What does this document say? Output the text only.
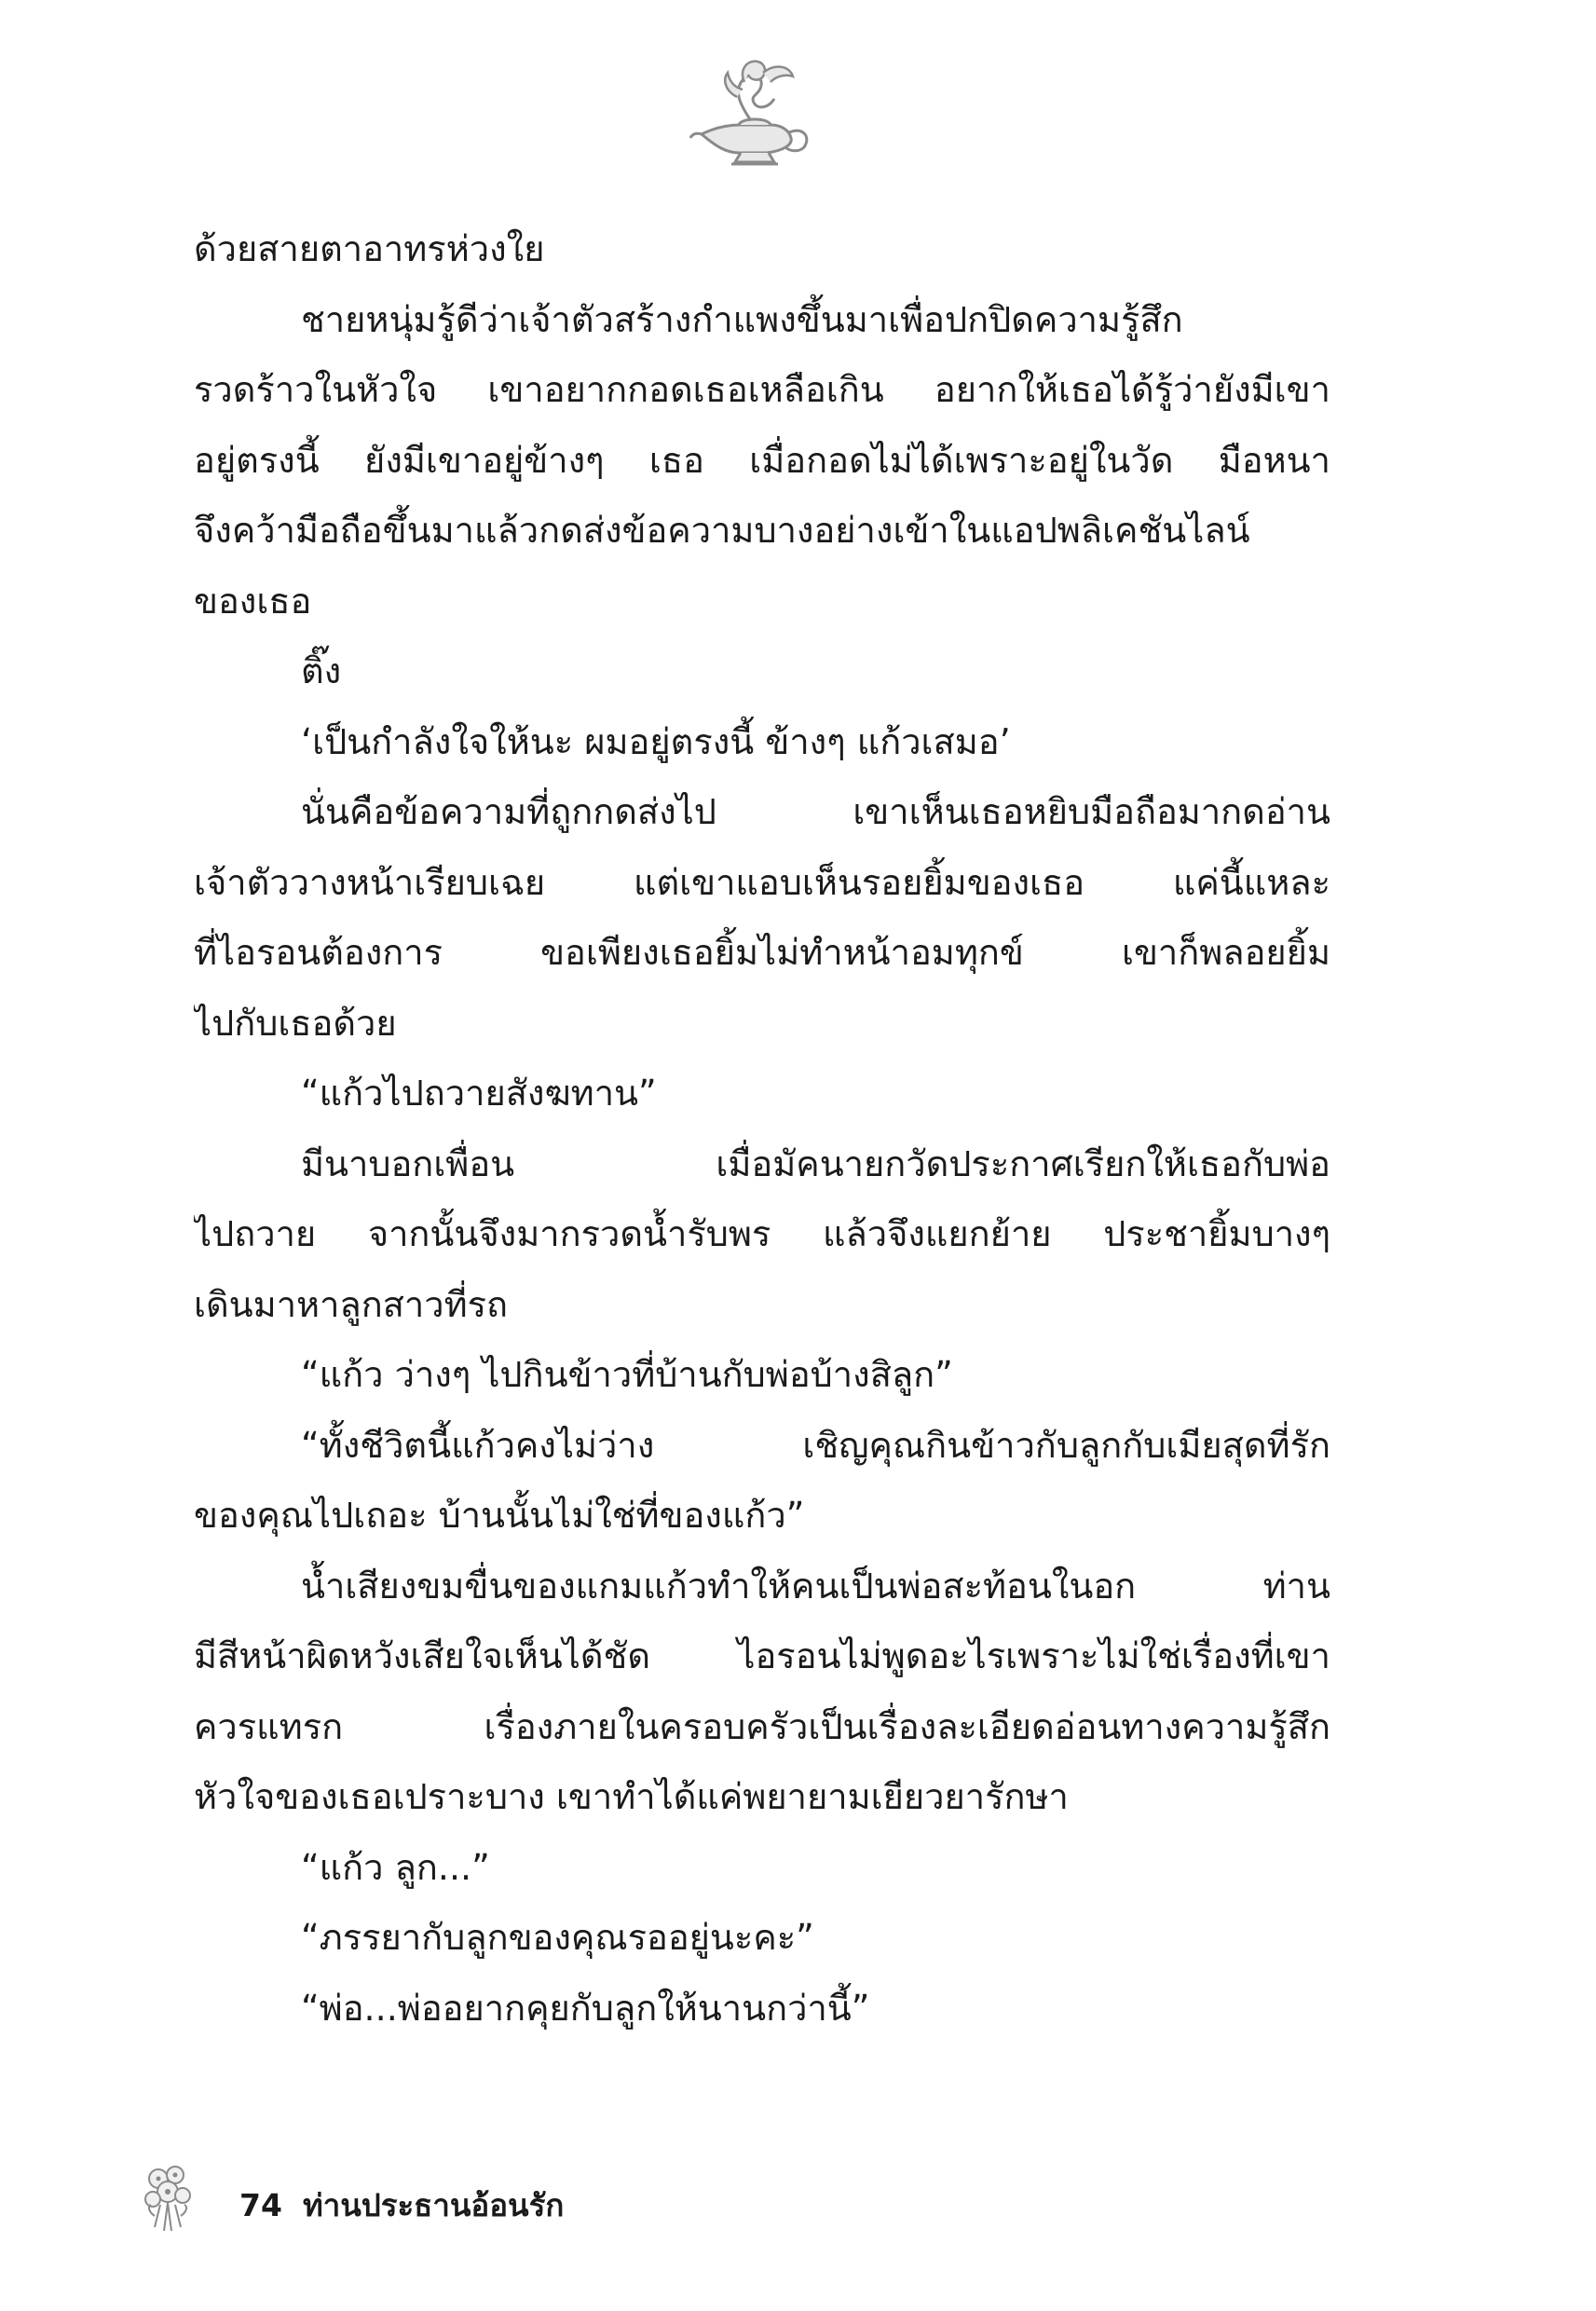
ด้วยสายตาอาทรห่วงใย
ชายหนุ่มรู้ดีว่าเจ้าตัวสร้างกำแพงขึ้นมาเพื่อปกปิดความรู้สึก
รวดร้าวในหัวใจ เขาอยากกอดเธอเหลือเกิน อยากให้เธอได้รู้ว่ายังมีเขา
อยู่ตรงนี้ ยังมีเขาอยู่ข้างๆ เธอ เมื่อกอดไม่ได้เพราะอยู่ในวัด มือหนา
จึงคว้ามือถือขึ้นมาแล้วกดส่งข้อความบางอย่างเข้าในแอปพลิเคชันไลน์
ของเธอ
ติ๊ง
‘เป็นกำลังใจให้นะ ผมอยู่ตรงนี้ ข้างๆ แก้วเสมอ’
นั่นคือข้อความที่ถูกกดส่งไป เขาเห็นเธอหยิบมือถือมากดอ่าน
เจ้าตัววางหน้าเรียบเฉย แต่เขาแอบเห็นรอยยิ้มของเธอ แค่นี้แหละ
ที่ไอรอนต้องการ ขอเพียงเธอยิ้มไม่ทำหน้าอมทุกข์ เขาก็พลอยยิ้ม
ไปกับเธอด้วย
“แก้วไปถวายสังฆทาน”
มีนาบอกเพื่อน เมื่อมัคนายกวัดประกาศเรียกให้เธอกับพ่อ
ไปถวาย จากนั้นจึงมากรวดน้ำรับพร แล้วจึงแยกย้าย ประชายิ้มบางๆ
เดินมาหาลูกสาวที่รถ
“แก้ว ว่างๆ ไปกินข้าวที่บ้านกับพ่อบ้างสิลูก”
“ทั้งชีวิตนี้แก้วคงไม่ว่าง เชิญคุณกินข้าวกับลูกกับเมียสุดที่รัก
ของคุณไปเถอะ บ้านนั้นไม่ใช่ที่ของแก้ว”
น้ำเสียงขมขื่นของแกมแก้วทำให้คนเป็นพ่อสะท้อนในอก ท่าน
มีสีหน้าผิดหวังเสียใจเห็นได้ชัด ไอรอนไม่พูดอะไรเพราะไม่ใช่เรื่องที่เขา
ควรแทรก เรื่องภายในครอบครัวเป็นเรื่องละเอียดอ่อนทางความรู้สึก
หัวใจของเธอเปราะบาง เขาทำได้แค่พยายามเยียวยารักษา
“แก้ว ลูก...”
“ภรรยากับลูกของคุณรออยู่นะคะ”
“พ่อ...พ่ออยากคุยกับลูกให้นานกว่านี้”
74 ท่านประธานอ้อนรัก
